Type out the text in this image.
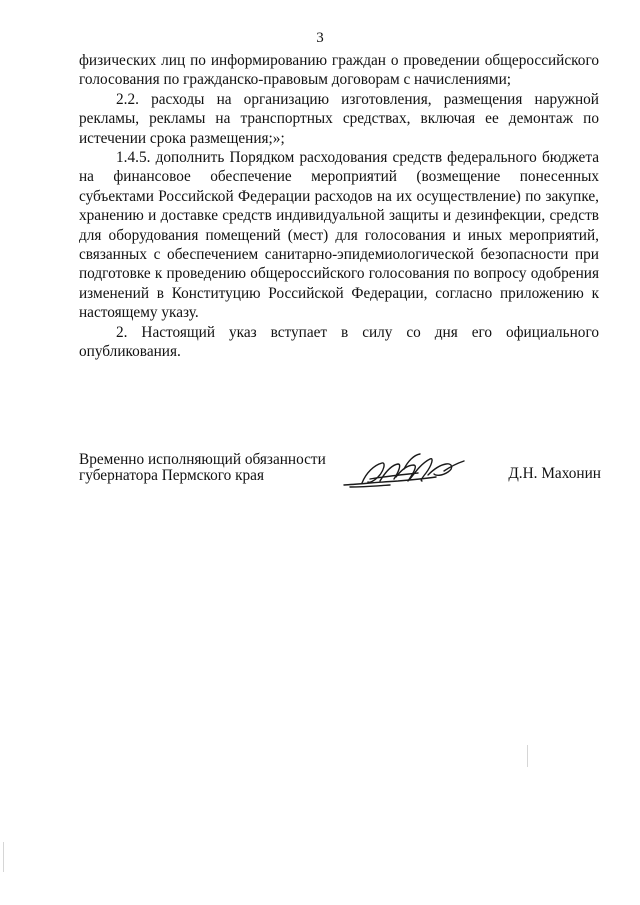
3

физических лиц по информированию граждан о проведении общероссийского голосования по гражданско-правовым договорам с начислениями;

2.2. расходы на организацию изготовления, размещения наружной рекламы, рекламы на транспортных средствах, включая ее демонтаж по истечении срока размещения;»;

1.4.5. дополнить Порядком расходования средств федерального бюджета на финансовое обеспечение мероприятий (возмещение понесенных субъектами Российской Федерации расходов на их осуществление) по закупке, хранению и доставке средств индивидуальной защиты и дезинфекции, средств для оборудования помещений (мест) для голосования и иных мероприятий, связанных с обеспечением санитарно-эпидемиологической безопасности при подготовке к проведению общероссийского голосования по вопросу одобрения изменений в Конституцию Российской Федерации, согласно приложению к настоящему указу.

2. Настоящий указ вступает в силу со дня его официального опубликования.

Временно исполняющий обязанности
губернатора Пермского края	Д.Н. Махонин
